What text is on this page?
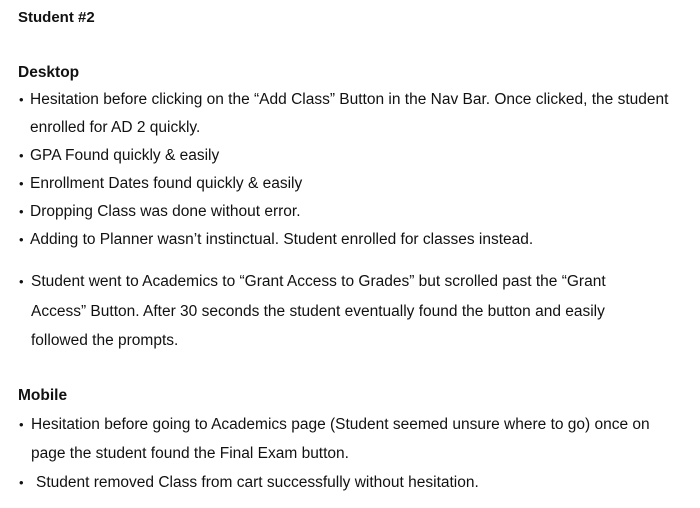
Student #2
Desktop
• Hesitation before clicking on the “Add Class” Button in the Nav Bar. Once clicked, the student enrolled for AD 2 quickly.
• GPA Found quickly & easily
• Enrollment Dates found quickly & easily
• Dropping Class was done without error.
• Adding to Planner wasn’t instinctual. Student enrolled for classes instead.
• Student went to Academics to “Grant Access to Grades” but scrolled past the “Grant Access” Button. After 30 seconds the student eventually found the button and easily followed the prompts.
Mobile
• Hesitation before going to Academics page (Student seemed unsure where to go) once on page the student found the Final Exam button.
• Student removed Class from cart successfully without hesitation.
